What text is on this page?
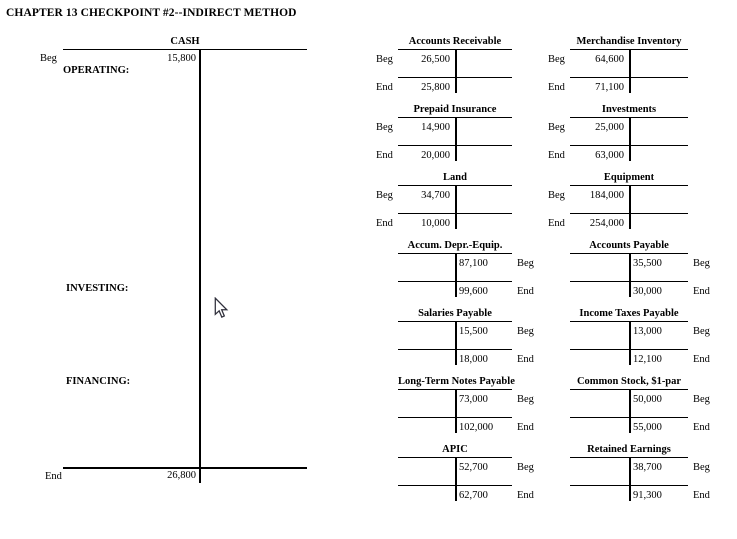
CHAPTER 13 CHECKPOINT #2--INDIRECT METHOD
CASH
Beg	15,800
OPERATING:
INVESTING:
FINANCING:
End	26,800
Accounts Receivable
Beg	26,500
End	25,800
Prepaid Insurance
Beg	14,900
End	20,000
Land
Beg	34,700
End	10,000
Accum. Depr.-Equip.
87,100	Beg
99,600	End
Salaries Payable
15,500	Beg
18,000	End
Long-Term Notes Payable
73,000	Beg
102,000 End
APIC
52,700	Beg
62,700	End
Merchandise Inventory
Beg	64,600
End	71,100
Investments
Beg	25,000
End	63,000
Equipment
Beg 184,000
End 254,000
Accounts Payable
35,500	Beg
30,000	End
Income Taxes Payable
13,000	Beg
12,100	End
Common Stock, $1-par
50,000	Beg
55,000	End
Retained Earnings
38,700	Beg
91,300	End
